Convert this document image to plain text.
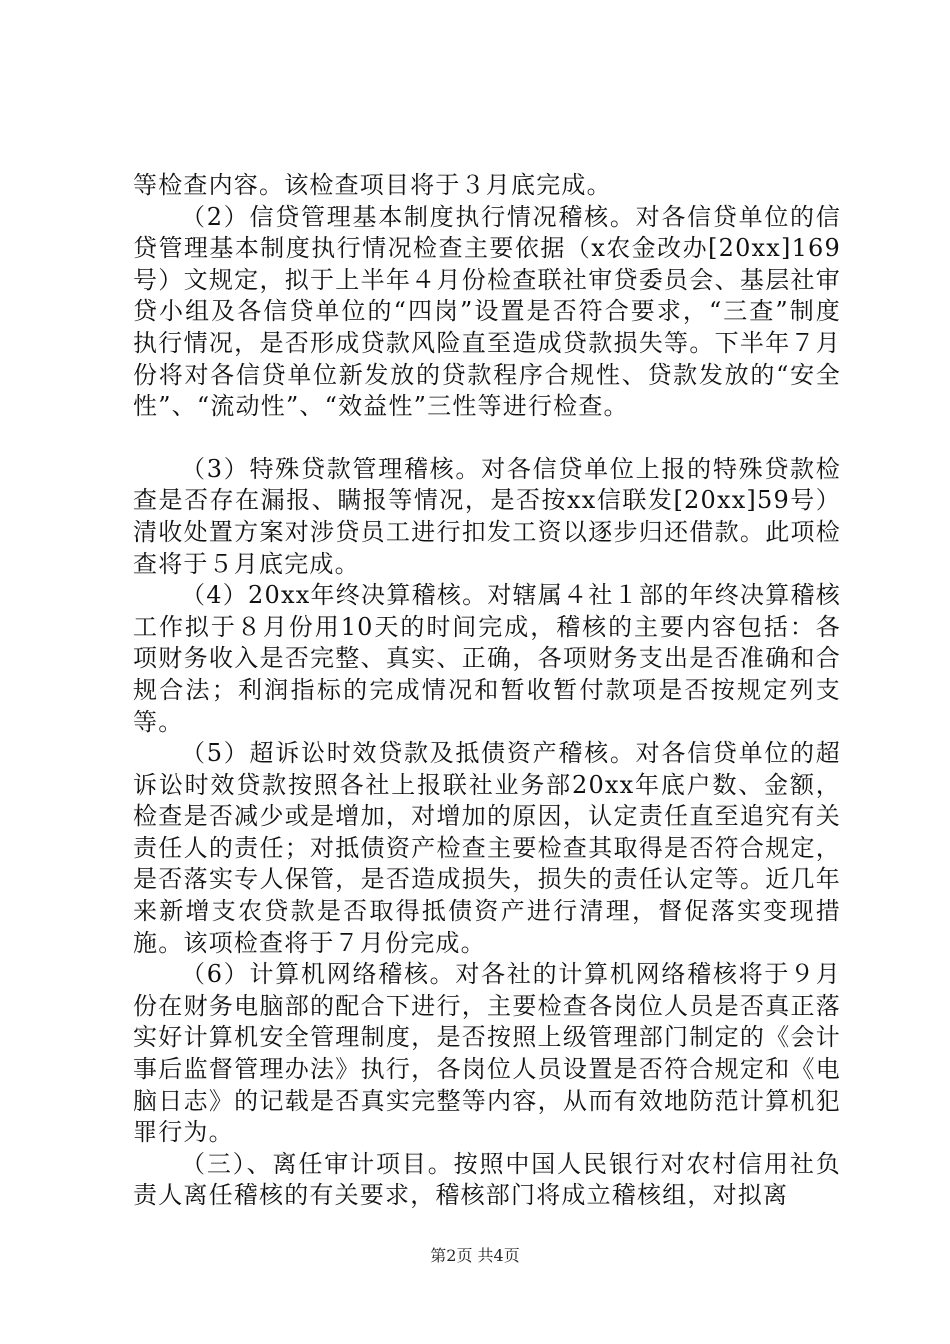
等检查内容。该检查项目将于３月底完成。

（2）信贷管理基本制度执行情况稽核。对各信贷单位的信贷管理基本制度执行情况检查主要依据（x农金改办[20xx]169号）文规定，拟于上半年４月份检查联社审贷委员会、基层社审贷小组及各信贷单位的“四岗”设置是否符合要求，“三查”制度执行情况，是否形成贷款风险直至造成贷款损失等。下半年７月份将对各信贷单位新发放的贷款程序合规性、贷款发放的“安全性”、“流动性”、“效益性”三性等进行检查。

（3）特殊贷款管理稽核。对各信贷单位上报的特殊贷款检查是否存在漏报、瞒报等情况，是否按xx信联发[20xx]59号）清收处置方案对涉贷员工进行扣发工资以逐步归还借款。此项检查将于５月底完成。

（4）20xx年终决算稽核。对辖属４社１部的年终决算稽核工作拟于８月份用10天的时间完成，稽核的主要内容包括：各项财务收入是否完整、真实、正确，各项财务支出是否准确和合规合法；利润指标的完成情况和暂收暂付款项是否按规定列支等。

（5）超诉讼时效贷款及抵债资产稽核。对各信贷单位的超诉讼时效贷款按照各社上报联社业务部20xx年底户数、金额，检查是否减少或是增加，对增加的原因，认定责任直至追究有关责任人的责任；对抵债资产检查主要检查其取得是否符合规定，是否落实专人保管，是否造成损失，损失的责任认定等。近几年来新增支农贷款是否取得抵债资产进行清理，督促落实变现措施。该项检查将于７月份完成。

（6）计算机网络稽核。对各社的计算机网络稽核将于９月份在财务电脑部的配合下进行，主要检查各岗位人员是否真正落实好计算机安全管理制度，是否按照上级管理部门制定的《会计事后监督管理办法》执行，各岗位人员设置是否符合规定和《电脑日志》的记载是否真实完整等内容，从而有效地防范计算机犯罪行为。

（三）、离任审计项目。按照中国人民银行对农村信用社负责人离任稽核的有关要求，稽核部门将成立稽核组，对拟离

第2页 共4页
